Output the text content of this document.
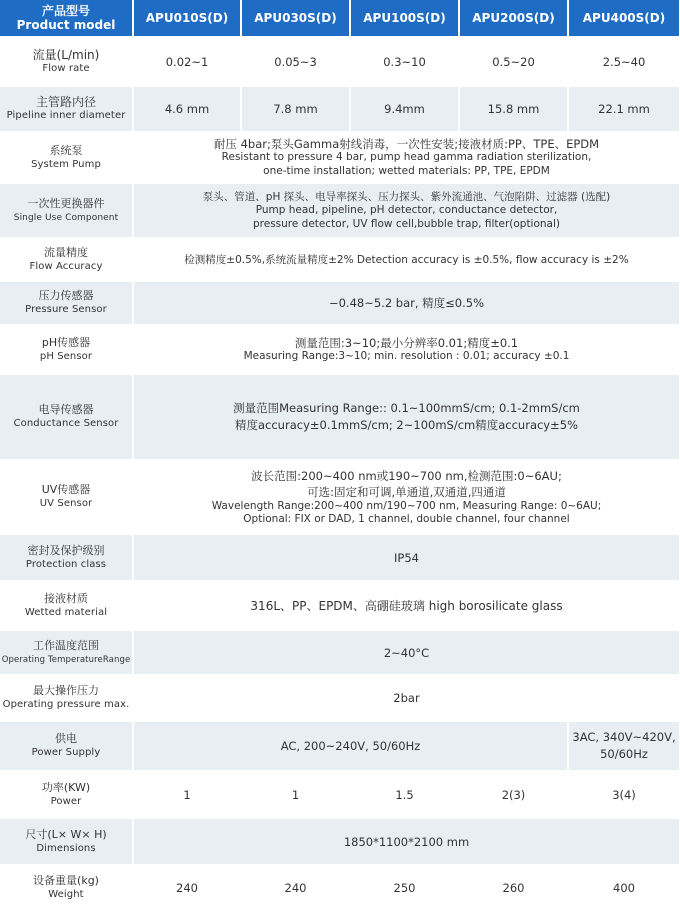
产品型号
Product model	APU010S(D)	APU030S(D)	APU100S(D)	APU200S(D)	APU400S(D)

流量(L/min)
Flow rate	0.02~1	0.05~3	0.3~10	0.5~20	2.5~40

主管路内径
Pipeline inner diameter	4.6 mm	7.8 mm	9.4mm	15.8 mm	22.1 mm

系统泵
System Pump	耐压 4bar;泵头Gamma射线消毒，一次性安装;接液材质:PP、TPE、EPDM
Resistant to pressure 4 bar, pump head gamma radiation sterilization,
one-time installation; wetted materials: PP, TPE, EPDM				

一次性更换器件
Single Use Component	泵头、管道、pH 探头、电导率探头、压力探头、紫外流通池、气泡陷阱、过滤器 (选配)
Pump head, pipeline, pH detector, conductance detector,
pressure detector, UV flow cell,bubble trap, filter(optional)				

流量精度
Flow Accuracy	检测精度±0.5%,系统流量精度±2% Detection accuracy is ±0.5%, flow accuracy is ±2%				

压力传感器
Pressure Sensor	−0.48~5.2 bar, 精度≤0.5%				

pH传感器
pH Sensor	测量范围:3~10;最小分辨率0.01;精度±0.1
Measuring Range:3~10; min. resolution : 0.01; accuracy ±0.1				

电导传感器
Conductance Sensor	测量范围Measuring Range:: 0.1~100mmS/cm; 0.1-2mmS/cm
精度accuracy±0.1mmS/cm; 2~100mS/cm精度accuracy±5%				

UV传感器
UV Sensor	波长范围:200~400 nm或190~700 nm,检测范围:0~6AU;
可选:固定和可调,单通道,双通道,四通道
Wavelength Range:200~400 nm/190~700 nm, Measuring Range: 0~6AU;
Optional: FIX or DAD, 1 channel, double channel, four channel				

密封及保护级别
Protection class	IP54				

接液材质
Wetted material	316L、PP、EPDM、高硼硅玻璃 high borosilicate glass				

工作温度范围
Operating TemperatureRange	2~40°C				

最大操作压力
Operating pressure max.	2bar				

供电
Power Supply	AC, 200~240V, 50/60Hz				3AC, 340V~420V,
50/60Hz

功率(KW)
Power	1	1	1.5	2(3)	3(4)

尺寸(L× W× H)
Dimensions	1850*1100*2100 mm				

设备重量(kg)
Weight	240	240	250	260	400
